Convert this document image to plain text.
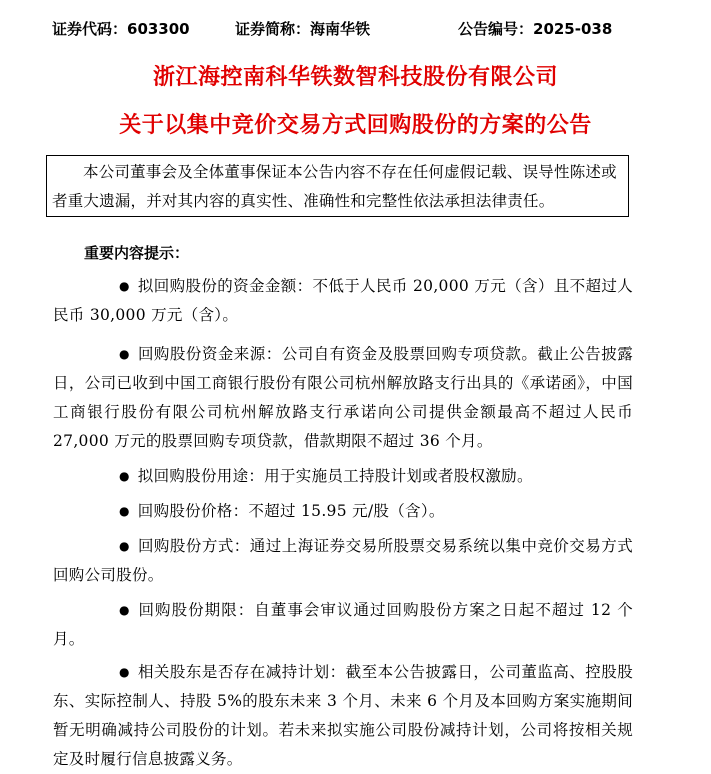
证券代码：603300	证券简称：海南华铁	公告编号：2025-038
浙江海控南科华铁数智科技股份有限公司
关于以集中竞价交易方式回购股份的方案的公告
本公司董事会及全体董事保证本公告内容不存在任何虚假记载、误导性陈述或者重大遗漏，并对其内容的真实性、准确性和完整性依法承担法律责任。
重要内容提示：

● 拟回购股份的资金金额：不低于人民币 20,000 万元（含）且不超过人民币 30,000 万元（含）。

● 回购股份资金来源：公司自有资金及股票回购专项贷款。截止公告披露日，公司已收到中国工商银行股份有限公司杭州解放路支行出具的《承诺函》，中国工商银行股份有限公司杭州解放路支行承诺向公司提供金额最高不超过人民币 27,000 万元的股票回购专项贷款，借款期限不超过 36 个月。

● 拟回购股份用途：用于实施员工持股计划或者股权激励。

● 回购股份价格：不超过 15.95 元/股（含）。

● 回购股份方式：通过上海证券交易所股票交易系统以集中竞价交易方式回购公司股份。

● 回购股份期限：自董事会审议通过回购股份方案之日起不超过 12 个月。

● 相关股东是否存在减持计划：截至本公告披露日，公司董监高、控股股东、实际控制人、持股 5%的股东未来 3 个月、未来 6 个月及本回购方案实施期间暂无明确减持公司股份的计划。若未来拟实施公司股份减持计划，公司将按相关规定及时履行信息披露义务。
